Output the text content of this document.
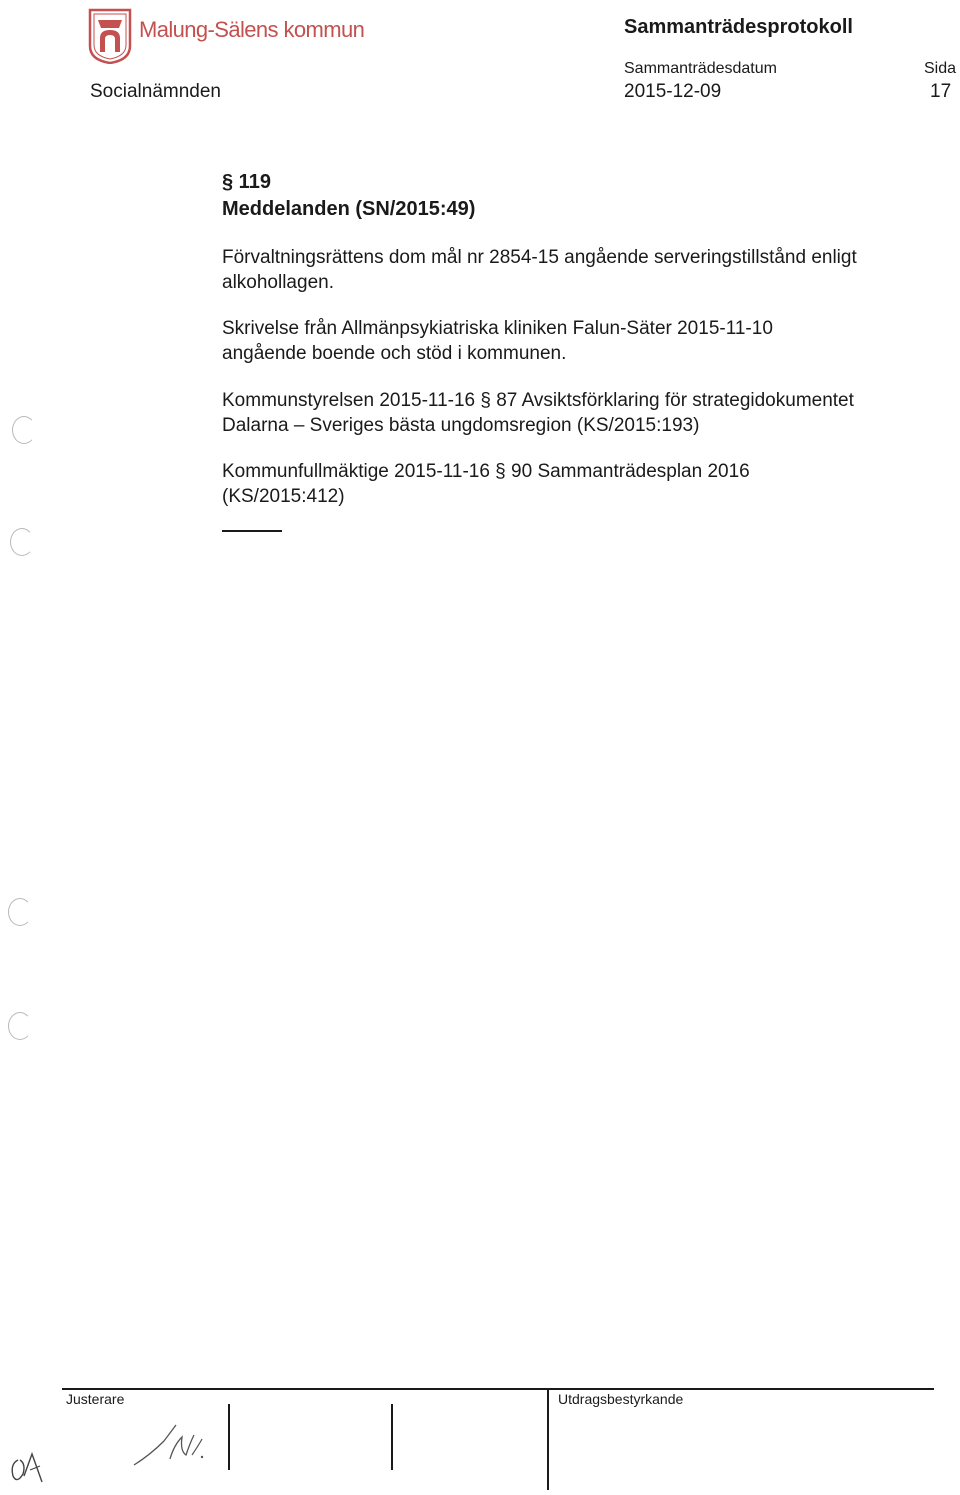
Malung-Sälens kommun	Sammanträdesprotokoll
Sammanträdesdatum
2015-12-09
Sida
17
Socialnämnden
§ 119
Meddelanden (SN/2015:49)
Förvaltningsrättens dom mål nr 2854-15 angående serveringstillstånd enligt
alkohollagen.
Skrivelse från Allmänpsykiatriska kliniken Falun-Säter 2015-11-10
angående boende och stöd i kommunen.
Kommunstyrelsen 2015-11-16 § 87 Avsiktsförklaring för strategidokumentet
Dalarna – Sveriges bästa ungdomsregion (KS/2015:193)
Kommunfullmäktige 2015-11-16 § 90 Sammanträdesplan 2016
(KS/2015:412)
Justerare	Utdragsbestyrkande
